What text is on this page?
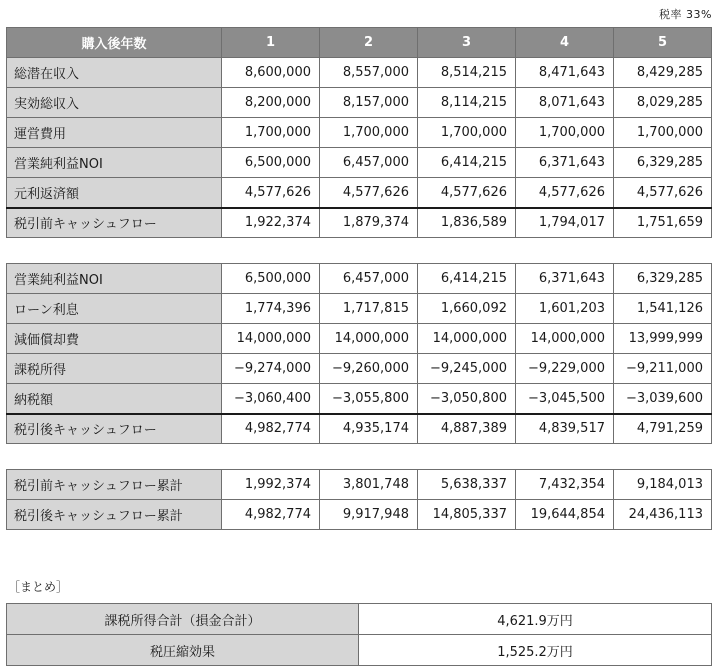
税率 33%
購入後年数	1	2	3	4	5
総潜在収入	8,600,000	8,557,000	8,514,215	8,471,643	8,429,285
実効総収入	8,200,000	8,157,000	8,114,215	8,071,643	8,029,285
運営費用	1,700,000	1,700,000	1,700,000	1,700,000	1,700,000
営業純利益NOI	6,500,000	6,457,000	6,414,215	6,371,643	6,329,285
元利返済額	4,577,626	4,577,626	4,577,626	4,577,626	4,577,626
税引前キャッシュフロー	1,922,374	1,879,374	1,836,589	1,794,017	1,751,659
営業純利益NOI	6,500,000	6,457,000	6,414,215	6,371,643	6,329,285
ローン利息	1,774,396	1,717,815	1,660,092	1,601,203	1,541,126
減価償却費	14,000,000	14,000,000	14,000,000	14,000,000	13,999,999
課税所得	−9,274,000	−9,260,000	−9,245,000	−9,229,000	−9,211,000
納税額	−3,060,400	−3,055,800	−3,050,800	−3,045,500	−3,039,600
税引後キャッシュフロー	4,982,774	4,935,174	4,887,389	4,839,517	4,791,259
税引前キャッシュフロー累計	1,992,374	3,801,748	5,638,337	7,432,354	9,184,013
税引後キャッシュフロー累計	4,982,774	9,917,948	14,805,337	19,644,854	24,436,113
［まとめ］
課税所得合計（損金合計）	4,621.9万円
税圧縮効果	1,525.2万円
